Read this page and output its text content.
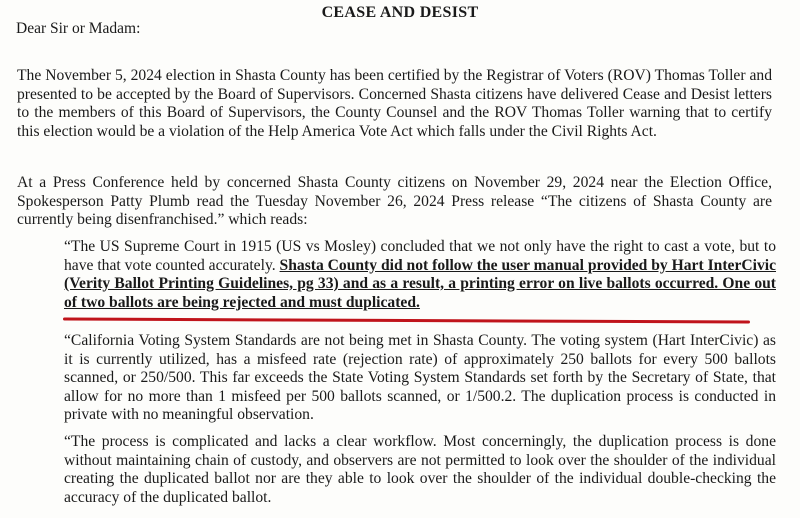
CEASE AND DESIST
Dear Sir or Madam:
The November 5, 2024 election in Shasta County has been certified by the Registrar of Voters (ROV) Thomas Toller and presented to be accepted by the Board of Supervisors. Concerned Shasta citizens have delivered Cease and Desist letters to the members of this Board of Supervisors, the County Counsel and the ROV Thomas Toller warning that to certify this election would be a violation of the Help America Vote Act which falls under the Civil Rights Act.
At a Press Conference held by concerned Shasta County citizens on November 29, 2024 near the Election Office, Spokesperson Patty Plumb read the Tuesday November 26, 2024 Press release “The citizens of Shasta County are currently being disenfranchised.” which reads:
“The US Supreme Court in 1915 (US vs Mosley) concluded that we not only have the right to cast a vote, but to have that vote counted accurately. Shasta County did not follow the user manual provided by Hart InterCivic (Verity Ballot Printing Guidelines, pg 33) and as a result, a printing error on live ballots occurred. One out of two ballots are being rejected and must duplicated.
“California Voting System Standards are not being met in Shasta County. The voting system (Hart InterCivic) as it is currently utilized, has a misfeed rate (rejection rate) of approximately 250 ballots for every 500 ballots scanned, or 250/500. This far exceeds the State Voting System Standards set forth by the Secretary of State, that allow for no more than 1 misfeed per 500 ballots scanned, or 1/500.2. The duplication process is conducted in private with no meaningful observation.
“The process is complicated and lacks a clear workflow. Most concerningly, the duplication process is done without maintaining chain of custody, and observers are not permitted to look over the shoulder of the individual creating the duplicated ballot nor are they able to look over the shoulder of the individual double-checking the accuracy of the duplicated ballot.
